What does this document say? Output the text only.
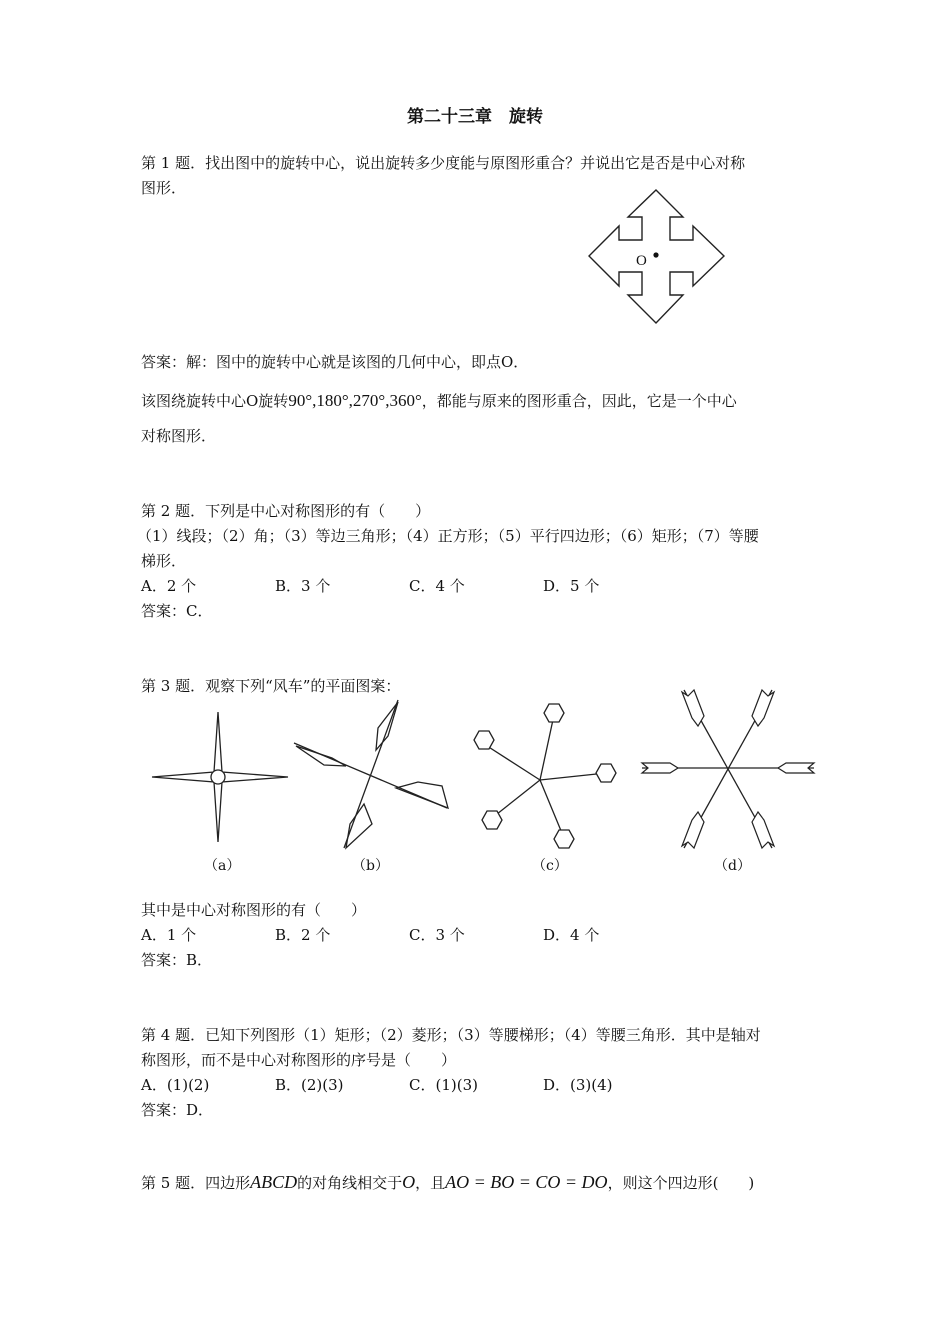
第二十三章　旋转
第 1 题．找出图中的旋转中心，说出旋转多少度能与原图形重合？并说出它是否是中心对称
图形．
O
答案：解：图中的旋转中心就是该图的几何中心，即点O．
该图绕旋转中心O旋转90°,180°,270°,360°，都能与原来的图形重合，因此，它是一个中心
对称图形．
第 2 题．下列是中心对称图形的有（　　）
（1）线段；（2）角；（3）等边三角形；（4）正方形；（5）平行四边形；（6）矩形；（7）等腰
梯形．
A．2 个	B．3 个	C．4 个	D．5 个
答案：C．
第 3 题．观察下列“风车”的平面图案：
（a）	（b）	（c）	（d）
其中是中心对称图形的有（　　）
A．1 个	B．2 个	C．3 个	D．4 个
答案：B．
第 4 题．已知下列图形（1）矩形；（2）菱形；（3）等腰梯形；（4）等腰三角形．其中是轴对
称图形，而不是中心对称图形的序号是（　　）
A．(1)(2)	B．(2)(3)	C．(1)(3)	D．(3)(4)
答案：D．
第 5 题．四边形ABCD的对角线相交于O，且AO = BO = CO = DO，则这个四边形(　　)
